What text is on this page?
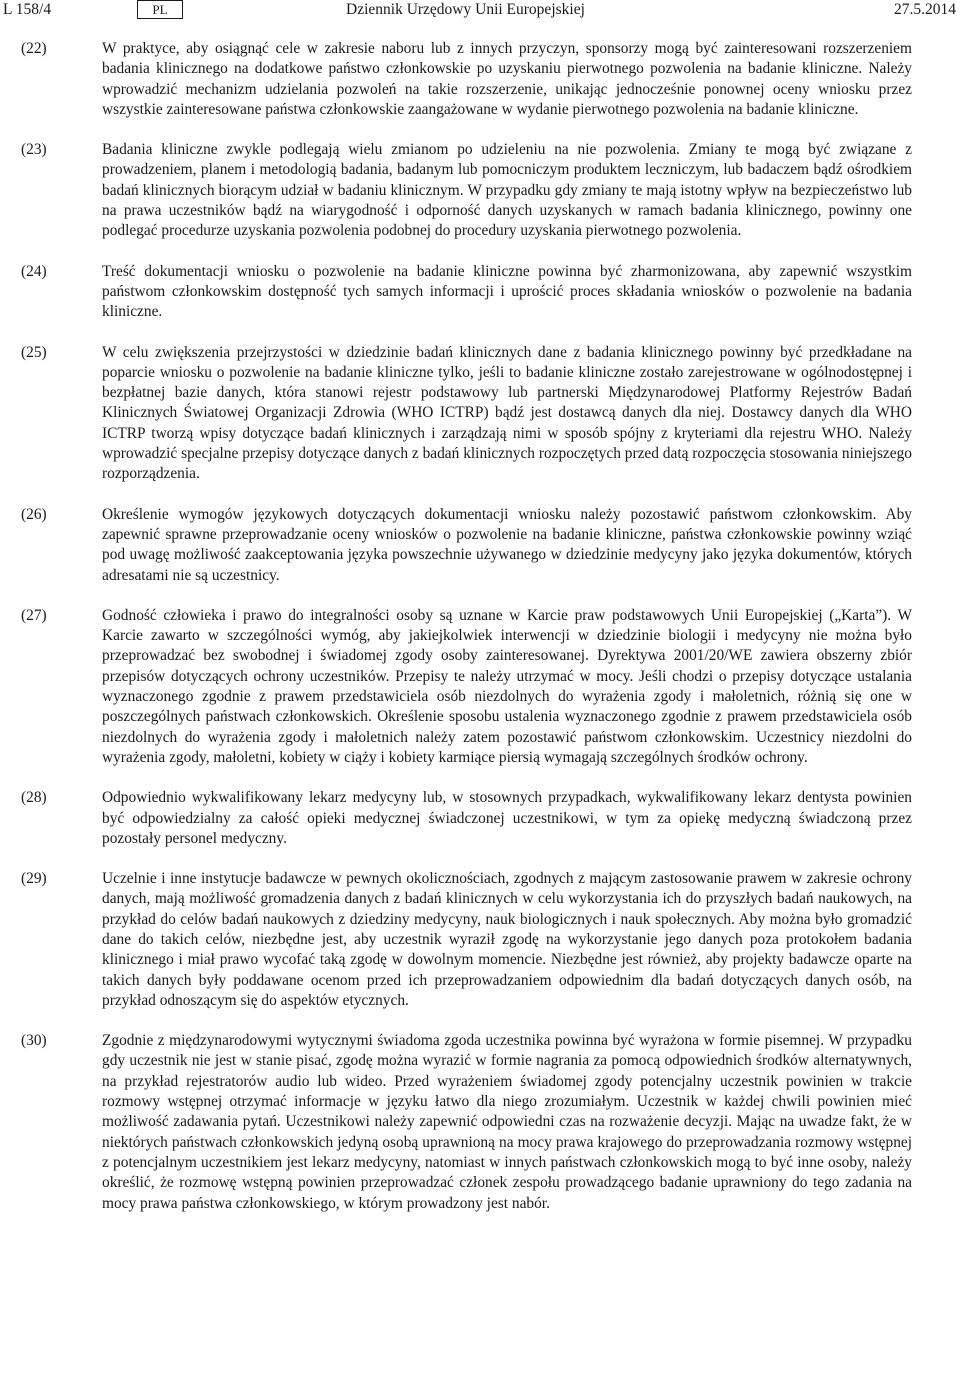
L 158/4	PL	Dziennik Urzędowy Unii Europejskiej	27.5.2014
(22)	W praktyce, aby osiągnąć cele w zakresie naboru lub z innych przyczyn, sponsorzy mogą być zainteresowani rozszerzeniem badania klinicznego na dodatkowe państwo członkowskie po uzyskaniu pierwotnego pozwolenia na badanie kliniczne. Należy wprowadzić mechanizm udzielania pozwoleń na takie rozszerzenie, unikając jednocześnie ponownej oceny wniosku przez wszystkie zainteresowane państwa członkowskie zaangażowane w wydanie pierwotnego pozwolenia na badanie kliniczne.
(23)	Badania kliniczne zwykle podlegają wielu zmianom po udzieleniu na nie pozwolenia. Zmiany te mogą być związane z prowadzeniem, planem i metodologią badania, badanym lub pomocniczym produktem leczniczym, lub badaczem bądź ośrodkiem badań klinicznych biorącym udział w badaniu klinicznym. W przypadku gdy zmiany te mają istotny wpływ na bezpieczeństwo lub na prawa uczestników bądź na wiarygodność i odporność danych uzyskanych w ramach badania klinicznego, powinny one podlegać procedurze uzyskania pozwolenia podobnej do procedury uzyskania pierwotnego pozwolenia.
(24)	Treść dokumentacji wniosku o pozwolenie na badanie kliniczne powinna być zharmonizowana, aby zapewnić wszystkim państwom członkowskim dostępność tych samych informacji i uprościć proces składania wniosków o pozwolenie na badania kliniczne.
(25)	W celu zwiększenia przejrzystości w dziedzinie badań klinicznych dane z badania klinicznego powinny być przedkładane na poparcie wniosku o pozwolenie na badanie kliniczne tylko, jeśli to badanie kliniczne zostało zarejestrowane w ogólnodostępnej i bezpłatnej bazie danych, która stanowi rejestr podstawowy lub partnerski Międzynarodowej Platformy Rejestrów Badań Klinicznych Światowej Organizacji Zdrowia (WHO ICTRP) bądź jest dostawcą danych dla niej. Dostawcy danych dla WHO ICTRP tworzą wpisy dotyczące badań klinicznych i zarządzają nimi w sposób spójny z kryteriami dla rejestru WHO. Należy wprowadzić specjalne przepisy dotyczące danych z badań klinicznych rozpoczętych przed datą rozpoczęcia stosowania niniejszego rozporządzenia.
(26)	Określenie wymogów językowych dotyczących dokumentacji wniosku należy pozostawić państwom członkowskim. Aby zapewnić sprawne przeprowadzanie oceny wniosków o pozwolenie na badanie kliniczne, państwa członkowskie powinny wziąć pod uwagę możliwość zaakceptowania języka powszechnie używanego w dziedzinie medycyny jako języka dokumentów, których adresatami nie są uczestnicy.
(27)	Godność człowieka i prawo do integralności osoby są uznane w Karcie praw podstawowych Unii Europejskiej („Karta”). W Karcie zawarto w szczególności wymóg, aby jakiejkolwiek interwencji w dziedzinie biologii i medycyny nie można było przeprowadzać bez swobodnej i świadomej zgody osoby zainteresowanej. Dyrektywa 2001/20/WE zawiera obszerny zbiór przepisów dotyczących ochrony uczestników. Przepisy te należy utrzymać w mocy. Jeśli chodzi o przepisy dotyczące ustalania wyznaczonego zgodnie z prawem przedstawiciela osób niezdolnych do wyrażenia zgody i małoletnich, różnią się one w poszczególnych państwach członkowskich. Określenie sposobu ustalenia wyznaczonego zgodnie z prawem przedstawiciela osób niezdolnych do wyrażenia zgody i małoletnich należy zatem pozostawić państwom członkowskim. Uczestnicy niezdolni do wyrażenia zgody, małoletni, kobiety w ciąży i kobiety karmiące piersią wymagają szczególnych środków ochrony.
(28)	Odpowiednio wykwalifikowany lekarz medycyny lub, w stosownych przypadkach, wykwalifikowany lekarz dentysta powinien być odpowiedzialny za całość opieki medycznej świadczonej uczestnikowi, w tym za opiekę medyczną świadczoną przez pozostały personel medyczny.
(29)	Uczelnie i inne instytucje badawcze w pewnych okolicznościach, zgodnych z mającym zastosowanie prawem w zakresie ochrony danych, mają możliwość gromadzenia danych z badań klinicznych w celu wykorzystania ich do przyszłych badań naukowych, na przykład do celów badań naukowych z dziedziny medycyny, nauk biologicznych i nauk społecznych. Aby można było gromadzić dane do takich celów, niezbędne jest, aby uczestnik wyraził zgodę na wykorzystanie jego danych poza protokołem badania klinicznego i miał prawo wycofać taką zgodę w dowolnym momencie. Niezbędne jest również, aby projekty badawcze oparte na takich danych były poddawane ocenom przed ich przeprowadzaniem odpowiednim dla badań dotyczących danych osób, na przykład odnoszącym się do aspektów etycznych.
(30)	Zgodnie z międzynarodowymi wytycznymi świadoma zgoda uczestnika powinna być wyrażona w formie pisemnej. W przypadku gdy uczestnik nie jest w stanie pisać, zgodę można wyrazić w formie nagrania za pomocą odpowiednich środków alternatywnych, na przykład rejestratorów audio lub wideo. Przed wyrażeniem świadomej zgody potencjalny uczestnik powinien w trakcie rozmowy wstępnej otrzymać informacje w języku łatwo dla niego zrozumiałym. Uczestnik w każdej chwili powinien mieć możliwość zadawania pytań. Uczestnikowi należy zapewnić odpowiedni czas na rozważenie decyzji. Mając na uwadze fakt, że w niektórych państwach członkowskich jedyną osobą uprawnioną na mocy prawa krajowego do przeprowadzania rozmowy wstępnej z potencjalnym uczestnikiem jest lekarz medycyny, natomiast w innych państwach członkowskich mogą to być inne osoby, należy określić, że rozmowę wstępną powinien przeprowadzać członek zespołu prowadzącego badanie uprawniony do tego zadania na mocy prawa państwa członkowskiego, w którym prowadzony jest nabór.
